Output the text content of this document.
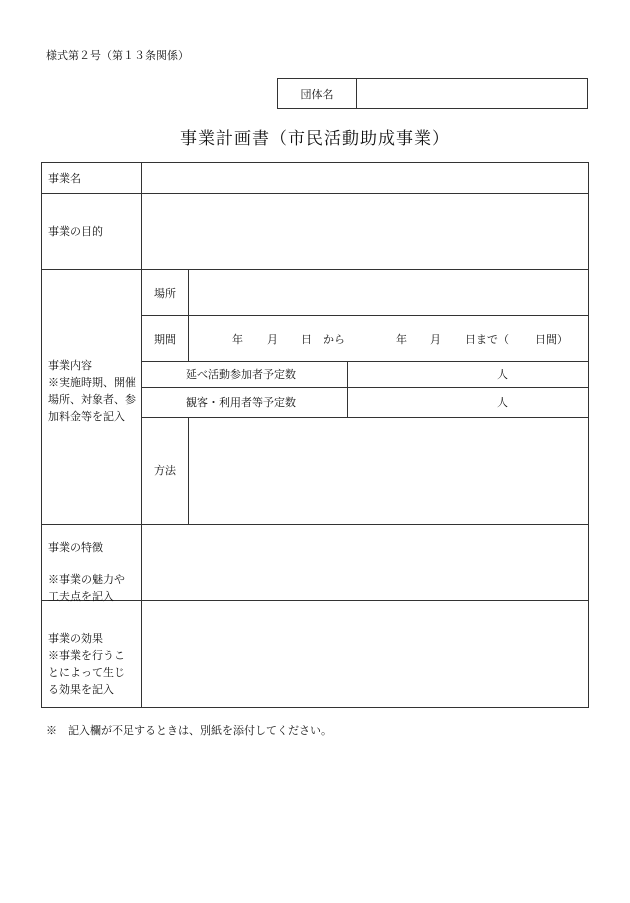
様式第２号（第１３条関係）
団体名
事業計画書（市民活動助成事業）
事業名
事業の目的
事業内容
※実施時期、開催
場所、対象者、参
加料金等を記入
場所
期間	年 月 日 から	年 月 日まで（ 日間）
延べ活動参加者予定数	人
観客・利用者等予定数	人
方法
事業の特徴
※事業の魅力や
工夫点を記入
事業の効果
※事業を行うこ
とによって生じ
る効果を記入
※　記入欄が不足するときは、別紙を添付してください。
